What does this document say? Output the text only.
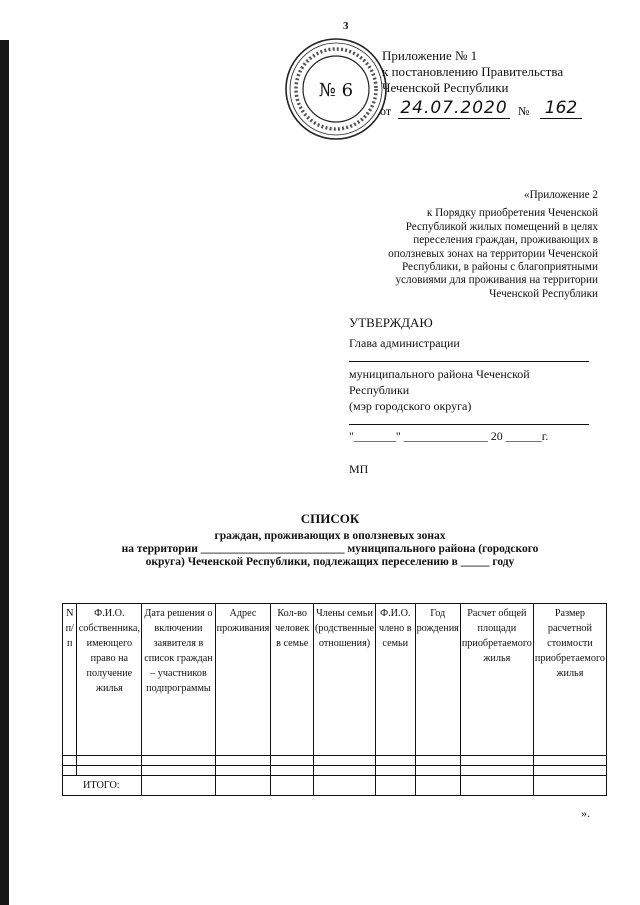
3
№ 6
Приложение № 1
к постановлению Правительства
Чеченской Республики
от 24.07.2020 № 162
«Приложение 2
к Порядку приобретения Чеченской
Республикой жилых помещений в целях
переселения граждан, проживающих в
оползневых зонах на территории Чеченской
Республики, в районы с благоприятными
условиями для проживания на территории
Чеченской Республики
УТВЕРЖДАЮ
Глава администрации
муниципального района Чеченской
Республики
(мэр городского округа)
"_______" ______________ 20 ______г.
МП
СПИСОК
граждан, проживающих в оползневых зонах
на территории _________________________ муниципального района (городского
округа) Чеченской Республики, подлежащих переселению в _____ году
N п/п	Ф.И.О. собственника, имеющего право на получение жилья	Дата решения о включении заявителя в список граждан – участников подпрограммы	Адрес проживания	Кол-во человек в семье	Члены семьи (родственные отношения)	Ф.И.О. члено в семьи	Год рождения	Расчет общей площади приобретаемого жилья	Размер расчетной стоимости приобретаемого жилья

ИТОГО:									
».
